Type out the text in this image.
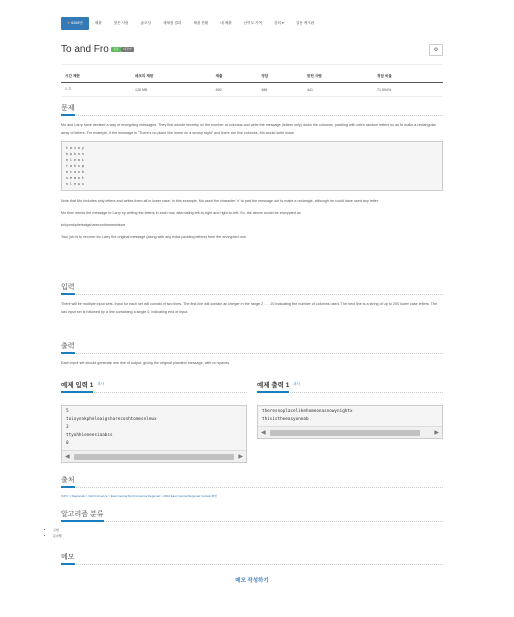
★6265번	제출	맞은 사람	숏코딩	재채점 결과	채점 현황	내 제출	난이도 기여	강의 ▾	질문 게시판
To and Fro	성공	다국어	⚙
시간 제한	메모리 제한	제출	정답	맞힌 사람	정답 비율
1 초	128 MB	692	486	441	71.594%
문제

Mo and Larry have devised a way of encrypting messages. They first decide secretly on the number of columns and write the message (letters only) down the columns, padding with extra random letters so as to make a rectangular array of letters. For example, if the message is "There's no place like home on a snowy night" and there are five columns, Mo would write down

t o i o y
h p k n n
e l e a i
r a h s g
e c o n h
s e m o t
n l e w x

Note that Mo includes only letters and writes them all in lower case. In this example, Mo used the character 'x' to pad the message out to make a rectangle, although he could have used any letter.

Mo then sends the message to Larry by writing the letters in each row, alternating left-to-right and right-to-left. So, the above would be encrypted as

toioynnkpheleaigshareconhtomesnlewx

Your job is to recover for Larry the original message (along with any extra padding letters) from the encrypted one.

입력

There will be multiple input sets. Input for each set will consist of two lines. The first line will contain an integer in the range 2 . . . 20 indicating the number of columns used. The next line is a string of up to 200 lower case letters. The last input set is followed by a line containing a single 0, indicating end of input.

출력

Each input set should generate one line of output, giving the original plaintext message, with no spaces.

예제 입력 1 복사
5
toioynnkpheleaigshareconhtomesnlewx
3
ttyohhieneesiaabss
0
◀	▶
예제 출력 1 복사
theresnoplacelikehomeonasnowynightx
thisistheeasyoneab
◀	▶
출처
ICPC > Regionals > North America > East Central North America Regional > 2004 East Central Regional Contest B번
알고리즘 분류
• 구현
• 문자열
메모
메모 작성하기
